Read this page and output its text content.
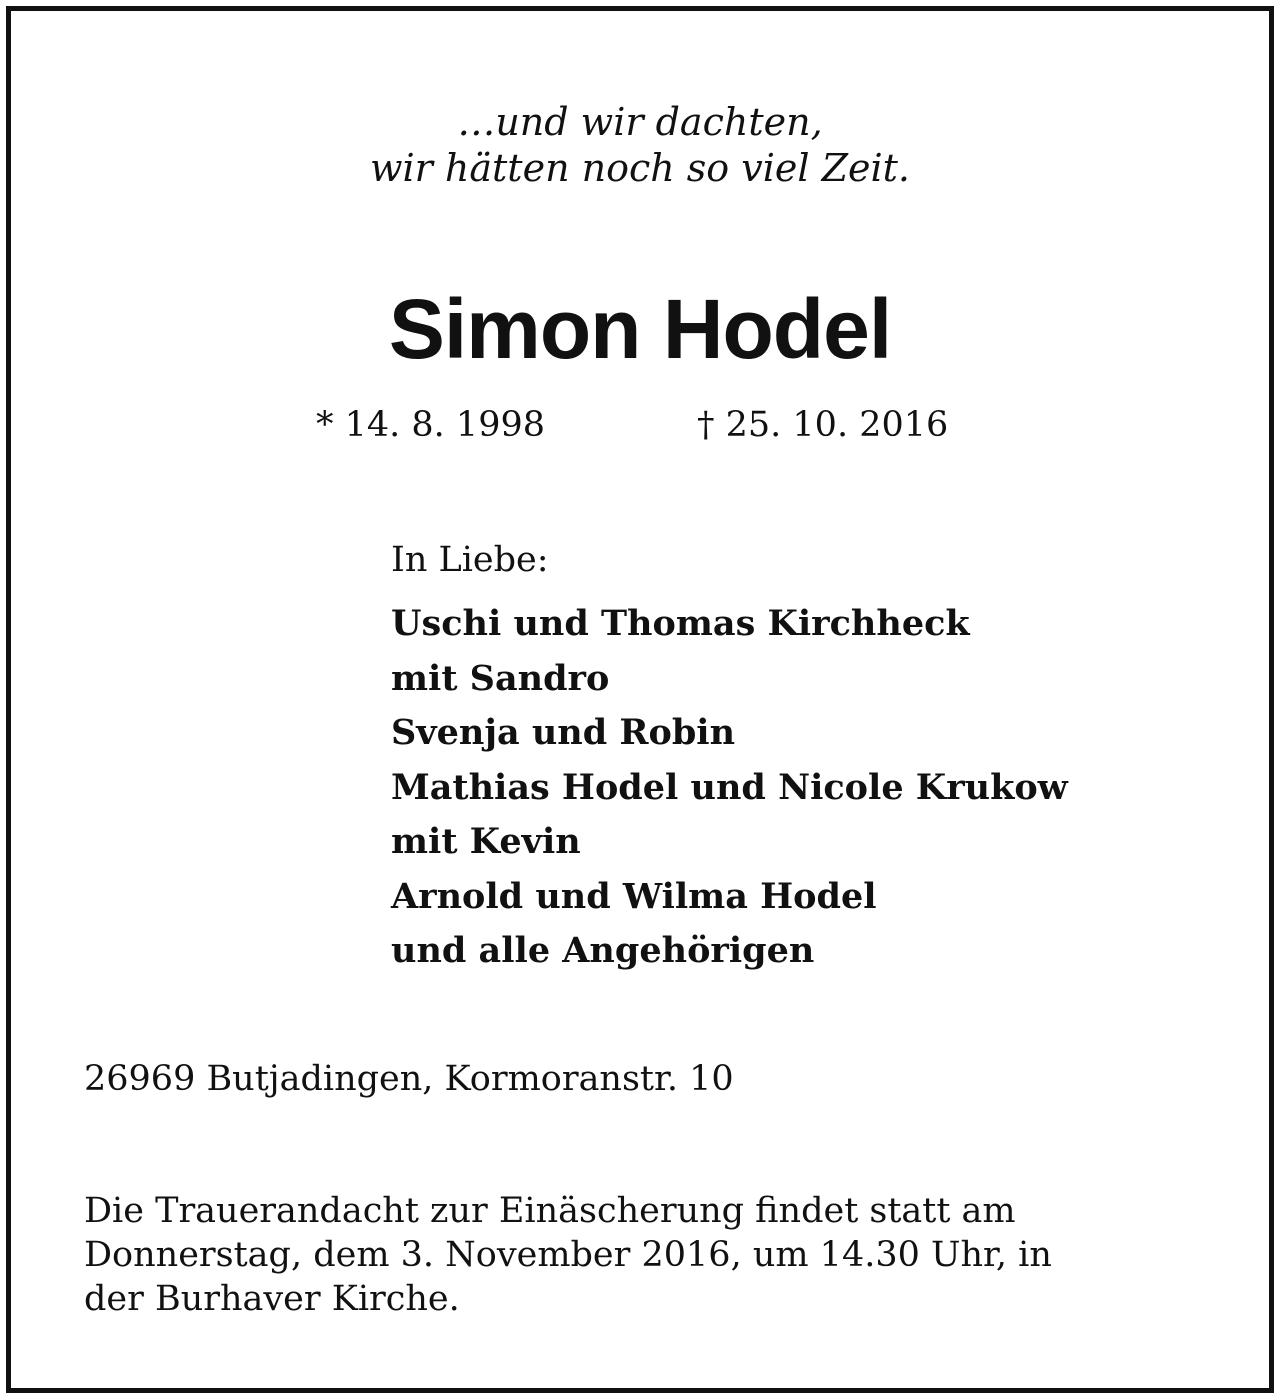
…und wir dachten,
wir hätten noch so viel Zeit.
Simon Hodel
* 14. 8. 1998	† 25. 10. 2016
In Liebe:
Uschi und Thomas Kirchheck
mit Sandro
Svenja und Robin
Mathias Hodel und Nicole Krukow
mit Kevin
Arnold und Wilma Hodel
und alle Angehörigen
26969 Butjadingen, Kormoranstr. 10
Die Trauerandacht zur Einäscherung findet statt am
Donnerstag, dem 3. November 2016, um 14.30 Uhr, in
der Burhaver Kirche.
